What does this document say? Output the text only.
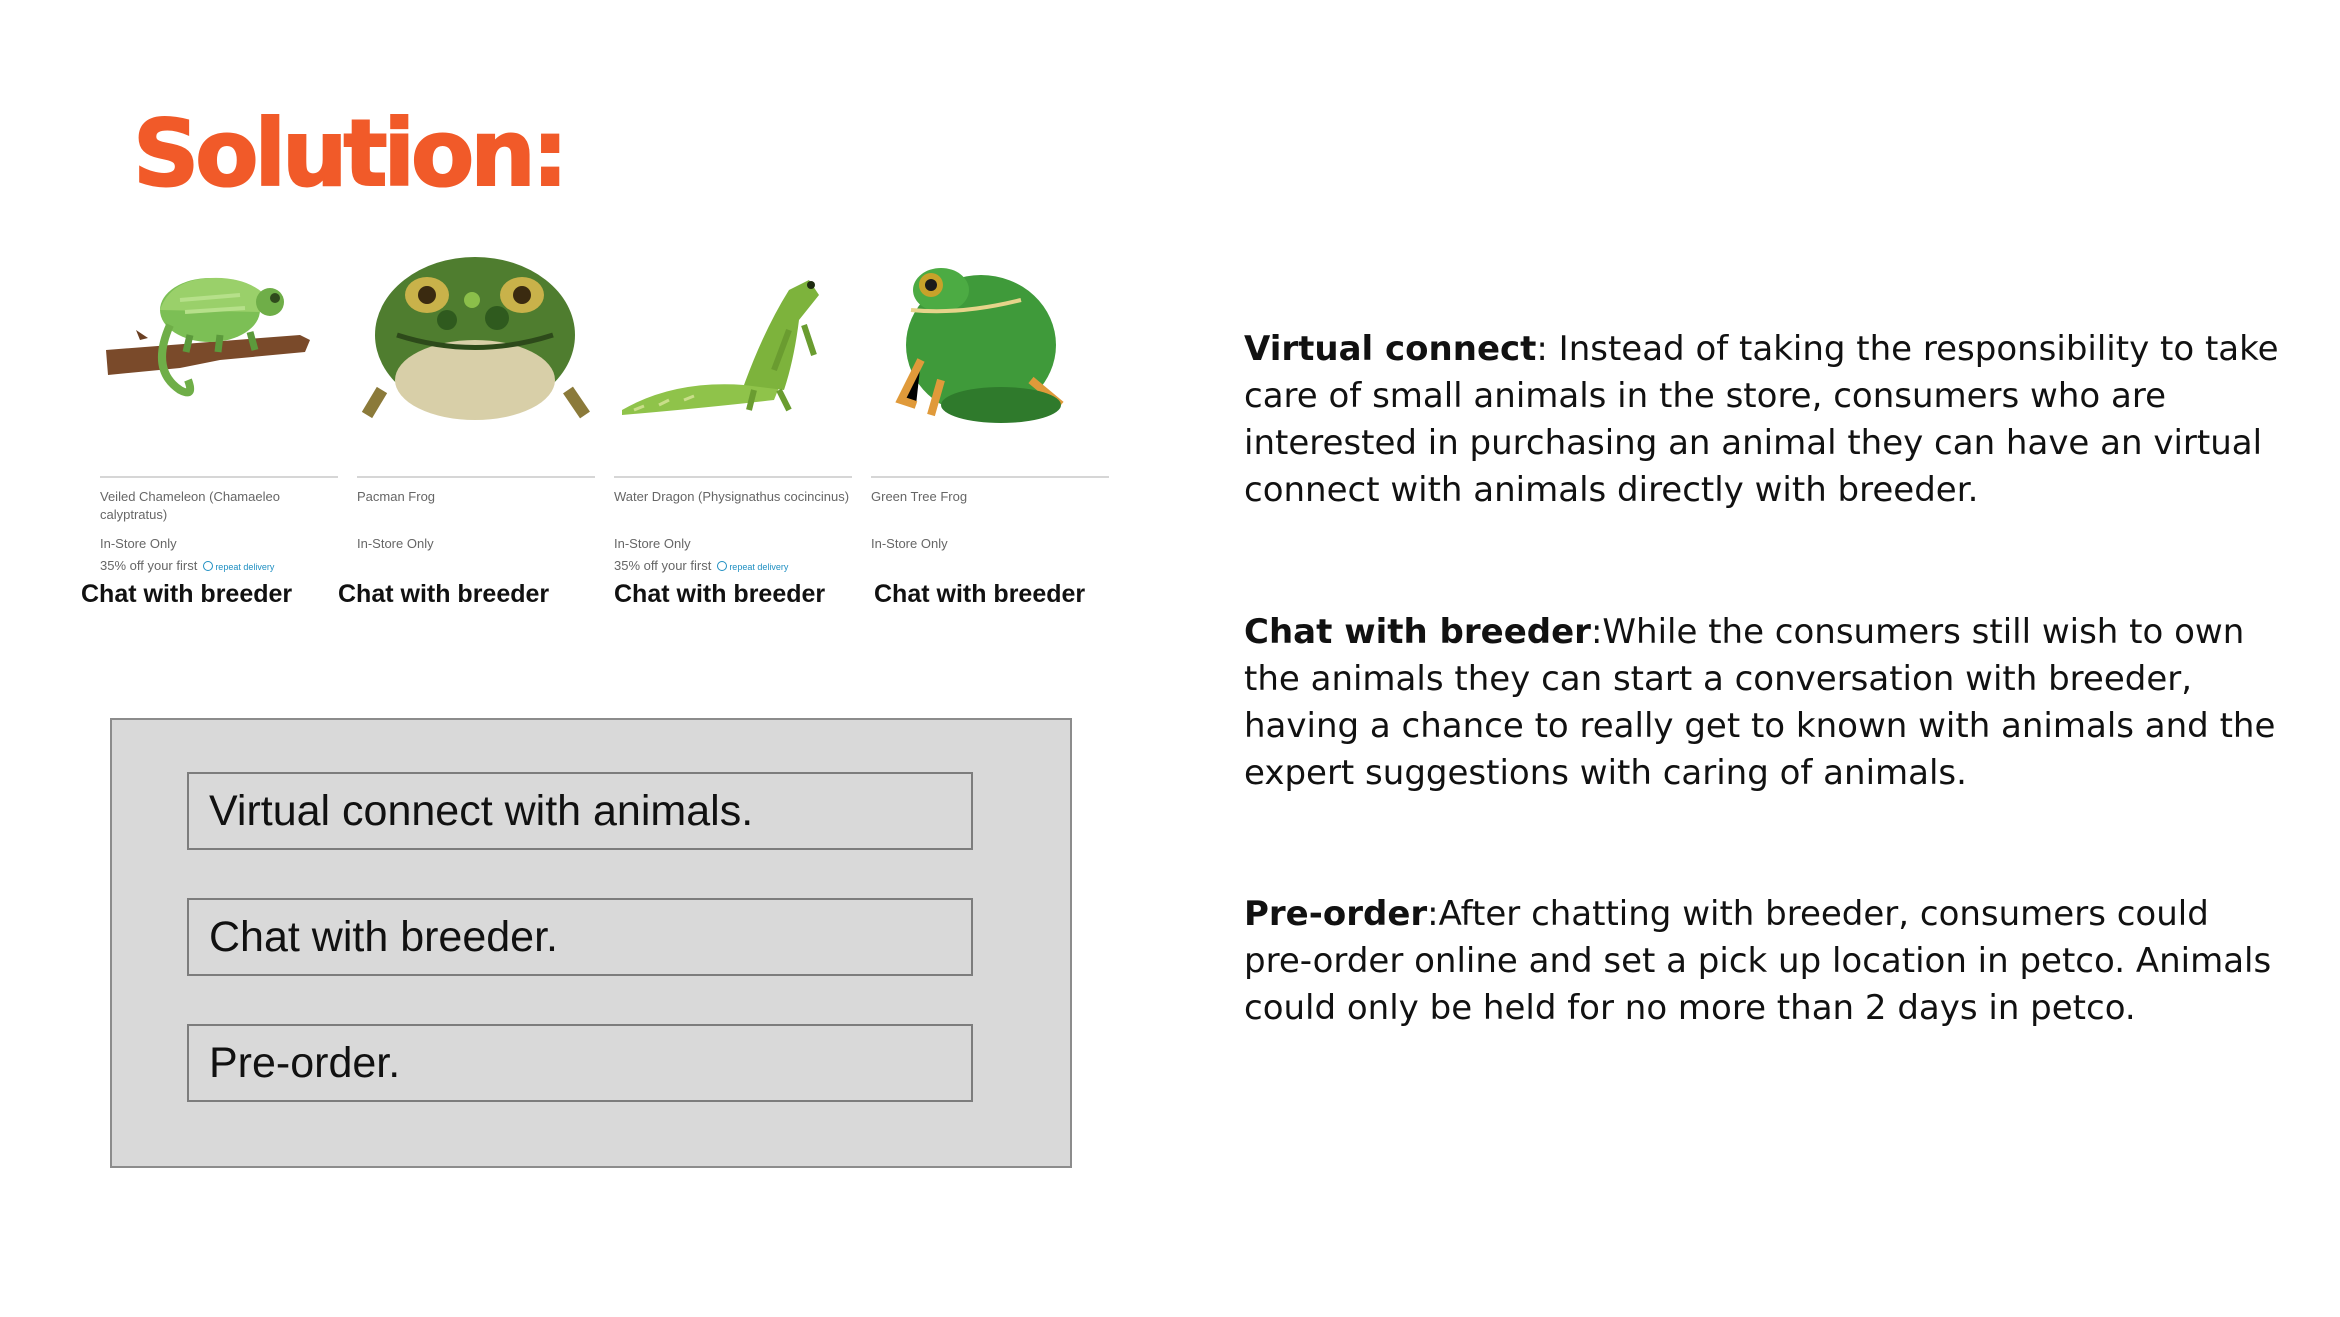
Solution:
Veiled Chameleon (Chamaeleo calyptratus)
In-Store Only
35% off your first repeat delivery
Chat with breeder
Pacman Frog
In-Store Only
Chat with breeder
Water Dragon (Physignathus cocincinus)
In-Store Only
35% off your first repeat delivery
Chat with breeder
Green Tree Frog
In-Store Only
Chat with breeder
Virtual connect with animals.
Chat with breeder.
Pre-order.
Virtual connect: Instead of taking the responsibility to take care of small animals in the store, consumers who are interested in purchasing an animal they can have an virtual connect with animals directly with breeder.
Chat with breeder:While the consumers still wish to own the animals they can start a conversation with breeder, having a chance to really get to known with animals and the expert suggestions with caring of animals.
Pre-order:After chatting with breeder, consumers could pre-order online and set a pick up location in petco. Animals could only be held for no more than 2 days in petco.
